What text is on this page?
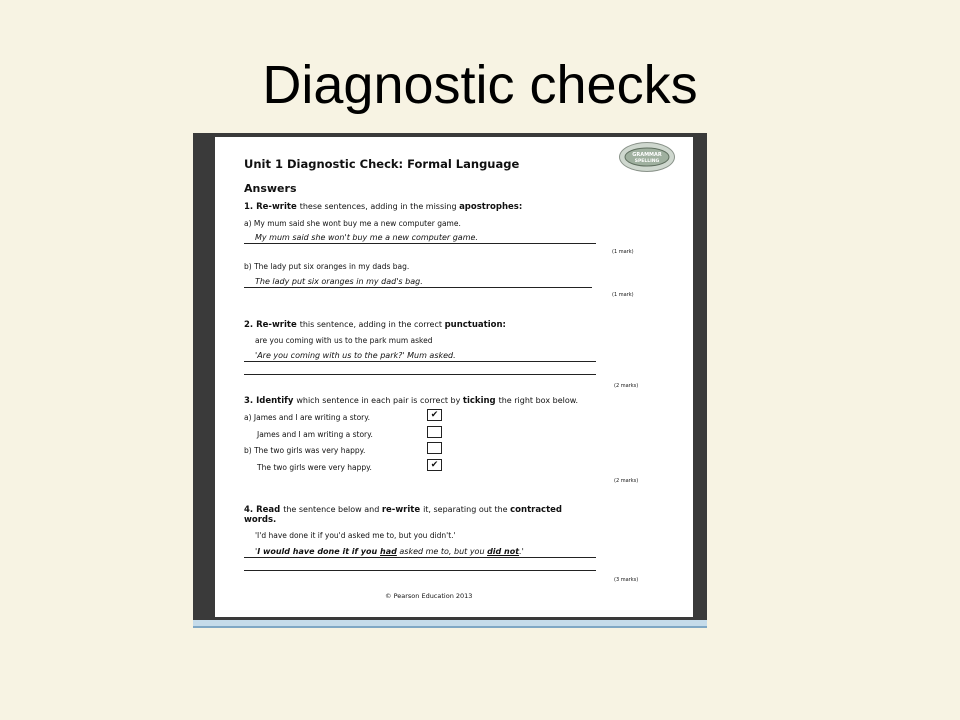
Diagnostic checks
Unit 1 Diagnostic Check: Formal Language
GRAMMAR
SPELLING
Answers
1. Re-write these sentences, adding in the missing apostrophes:
a) My mum said she wont buy me a new computer game.
My mum said she won't buy me a new computer game.
(1 mark)
b) The lady put six oranges in my dads bag.
The lady put six oranges in my dad's bag.
(1 mark)
2. Re-write this sentence, adding in the correct punctuation:
are you coming with us to the park mum asked
'Are you coming with us to the park?' Mum asked.
(2 marks)
3. Identify which sentence in each pair is correct by ticking the right box below.
a) James and I are writing a story.	✔
James and I am writing a story.
b) The two girls was very happy.
The two girls were very happy.	✔
(2 marks)
4. Read the sentence below and re-write it, separating out the contracted
words.
'I'd have done it if you'd asked me to, but you didn't.'
'I would have done it if you had asked me to, but you did not.'
(3 marks)
© Pearson Education 2013
